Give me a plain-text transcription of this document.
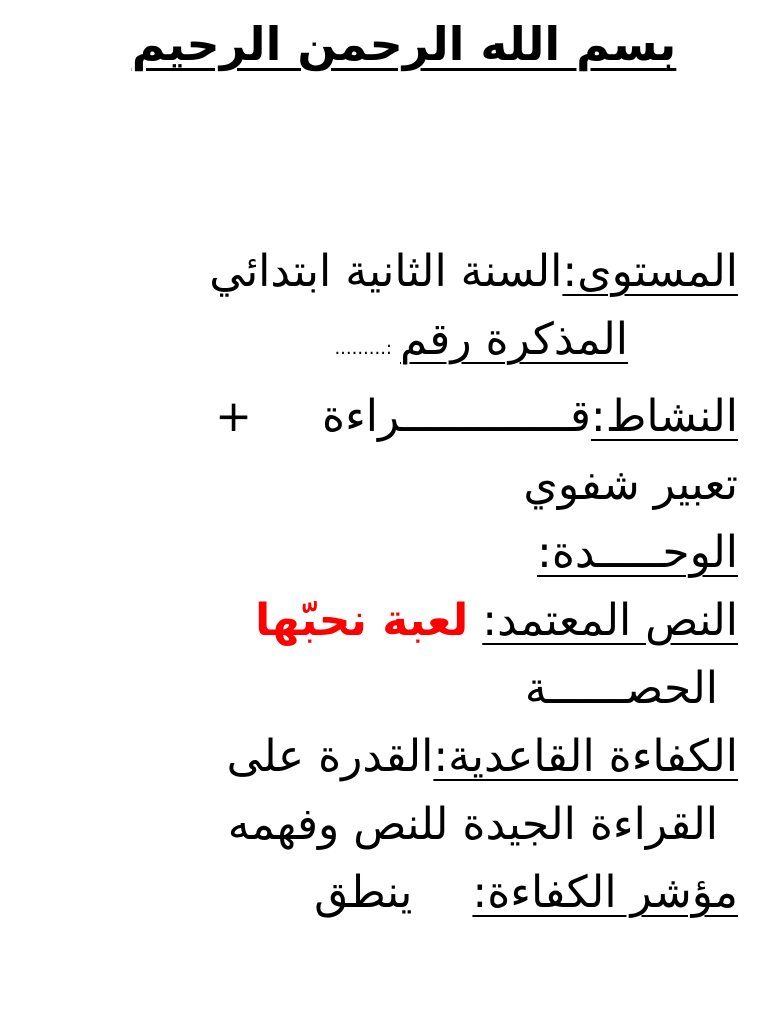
بسم الله الرحمن الرحيم
المستوى:السنة الثانية ابتدائي
المذكرة رقم:.........
النشاط:قـــــــــــــراءة+
تعبير شفوي
الوحـــــدة:
النص المعتمد: لعبة نحبّها
الحصــــــة
الكفاءة القاعدية:القدرة على
القراءة الجيدة للنص وفهمه
مؤشر الكفاءة:ينطق
